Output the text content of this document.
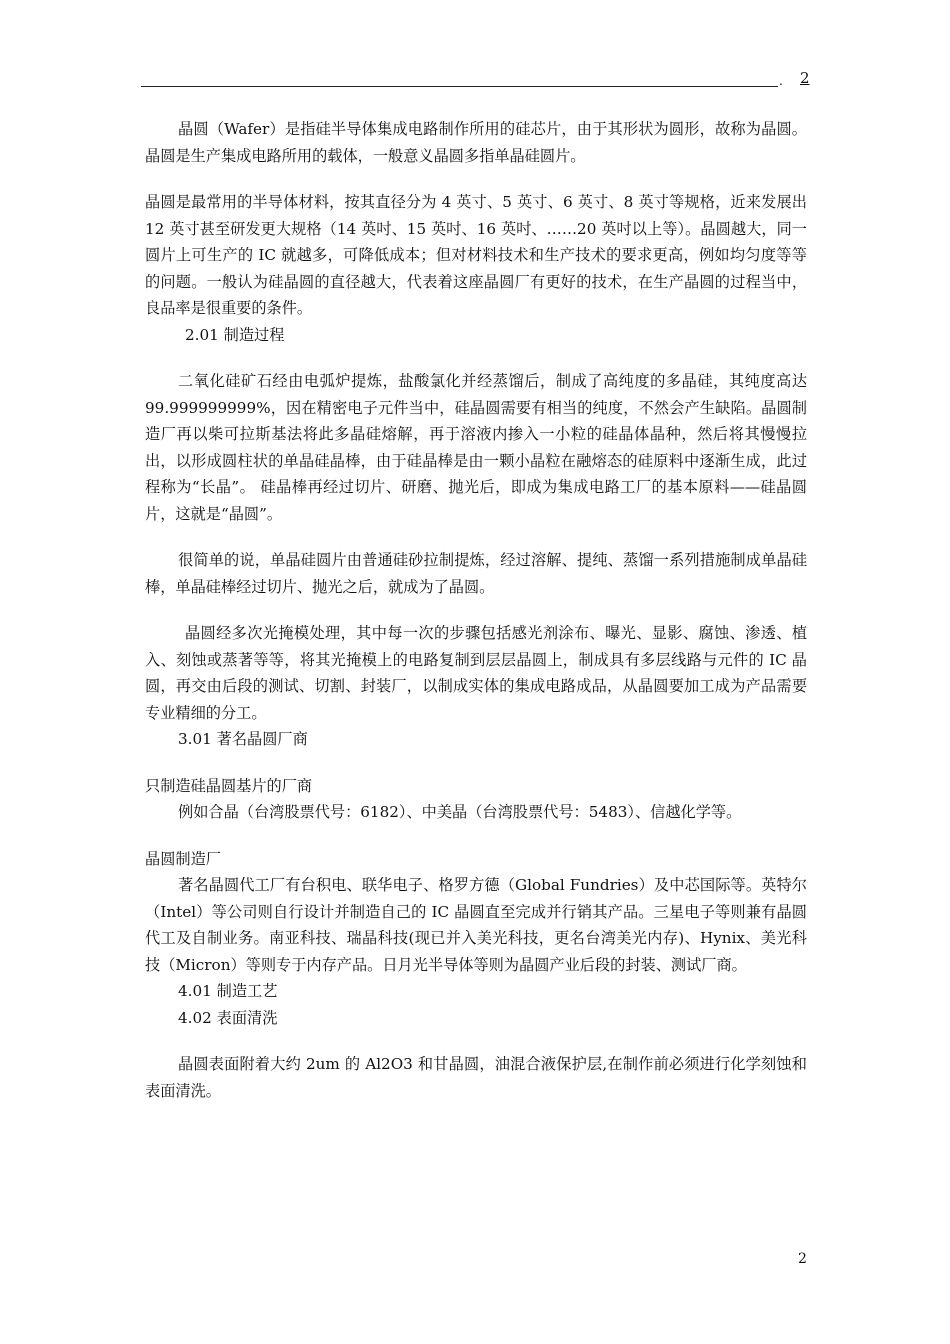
. 2

晶圆（Wafer）是指硅半导体集成电路制作所用的硅芯片，由于其形状为圆形，故称为晶圆。晶圆是生产集成电路所用的载体，一般意义晶圆多指单晶硅圆片。

晶圆是最常用的半导体材料，按其直径分为 4 英寸、5 英寸、6 英寸、8 英寸等规格，近来发展出 12 英寸甚至研发更大规格（14 英吋、15 英吋、16 英吋、……20 英吋以上等）。晶圆越大，同一圆片上可生产的 IC 就越多，可降低成本；但对材料技术和生产技术的要求更高，例如均匀度等等的问题。一般认为硅晶圆的直径越大，代表着这座晶圆厂有更好的技术，在生产晶圆的过程当中，良品率是很重要的条件。

2.01 制造过程

二氧化硅矿石经由电弧炉提炼，盐酸氯化并经蒸馏后，制成了高纯度的多晶硅，其纯度高达 99.999999999%，因在精密电子元件当中，硅晶圆需要有相当的纯度，不然会产生缺陷。晶圆制造厂再以柴可拉斯基法将此多晶硅熔解，再于溶液内掺入一小粒的硅晶体晶种，然后将其慢慢拉出，以形成圆柱状的单晶硅晶棒，由于硅晶棒是由一颗小晶粒在融熔态的硅原料中逐渐生成，此过程称为“长晶”。 硅晶棒再经过切片、研磨、抛光后，即成为集成电路工厂的基本原料——硅晶圆片，这就是“晶圆”。

很简单的说，单晶硅圆片由普通硅砂拉制提炼，经过溶解、提纯、蒸馏一系列措施制成单晶硅棒，单晶硅棒经过切片、抛光之后，就成为了晶圆。

晶圆经多次光掩模处理，其中每一次的步骤包括感光剂涂布、曝光、显影、腐蚀、渗透、植入、刻蚀或蒸著等等，将其光掩模上的电路复制到层层晶圆上，制成具有多层线路与元件的 IC 晶圆，再交由后段的测试、切割、封装厂，以制成实体的集成电路成品，从晶圆要加工成为产品需要专业精细的分工。

3.01 著名晶圆厂商

只制造硅晶圆基片的厂商

例如合晶（台湾股票代号：6182）、中美晶（台湾股票代号：5483）、信越化学等。

晶圆制造厂

著名晶圆代工厂有台积电、联华电子、格罗方德（Global Fundries）及中芯国际等。英特尔（Intel）等公司则自行设计并制造自己的 IC 晶圆直至完成并行销其产品。三星电子等则兼有晶圆代工及自制业务。南亚科技、瑞晶科技(现已并入美光科技，更名台湾美光内存)、Hynix、美光科技（Micron）等则专于内存产品。日月光半导体等则为晶圆产业后段的封装、测试厂商。

4.01 制造工艺

4.02 表面清洗

晶圆表面附着大约 2um 的 Al2O3 和甘晶圆，油混合液保护层,在制作前必须进行化学刻蚀和表面清洗。

2
